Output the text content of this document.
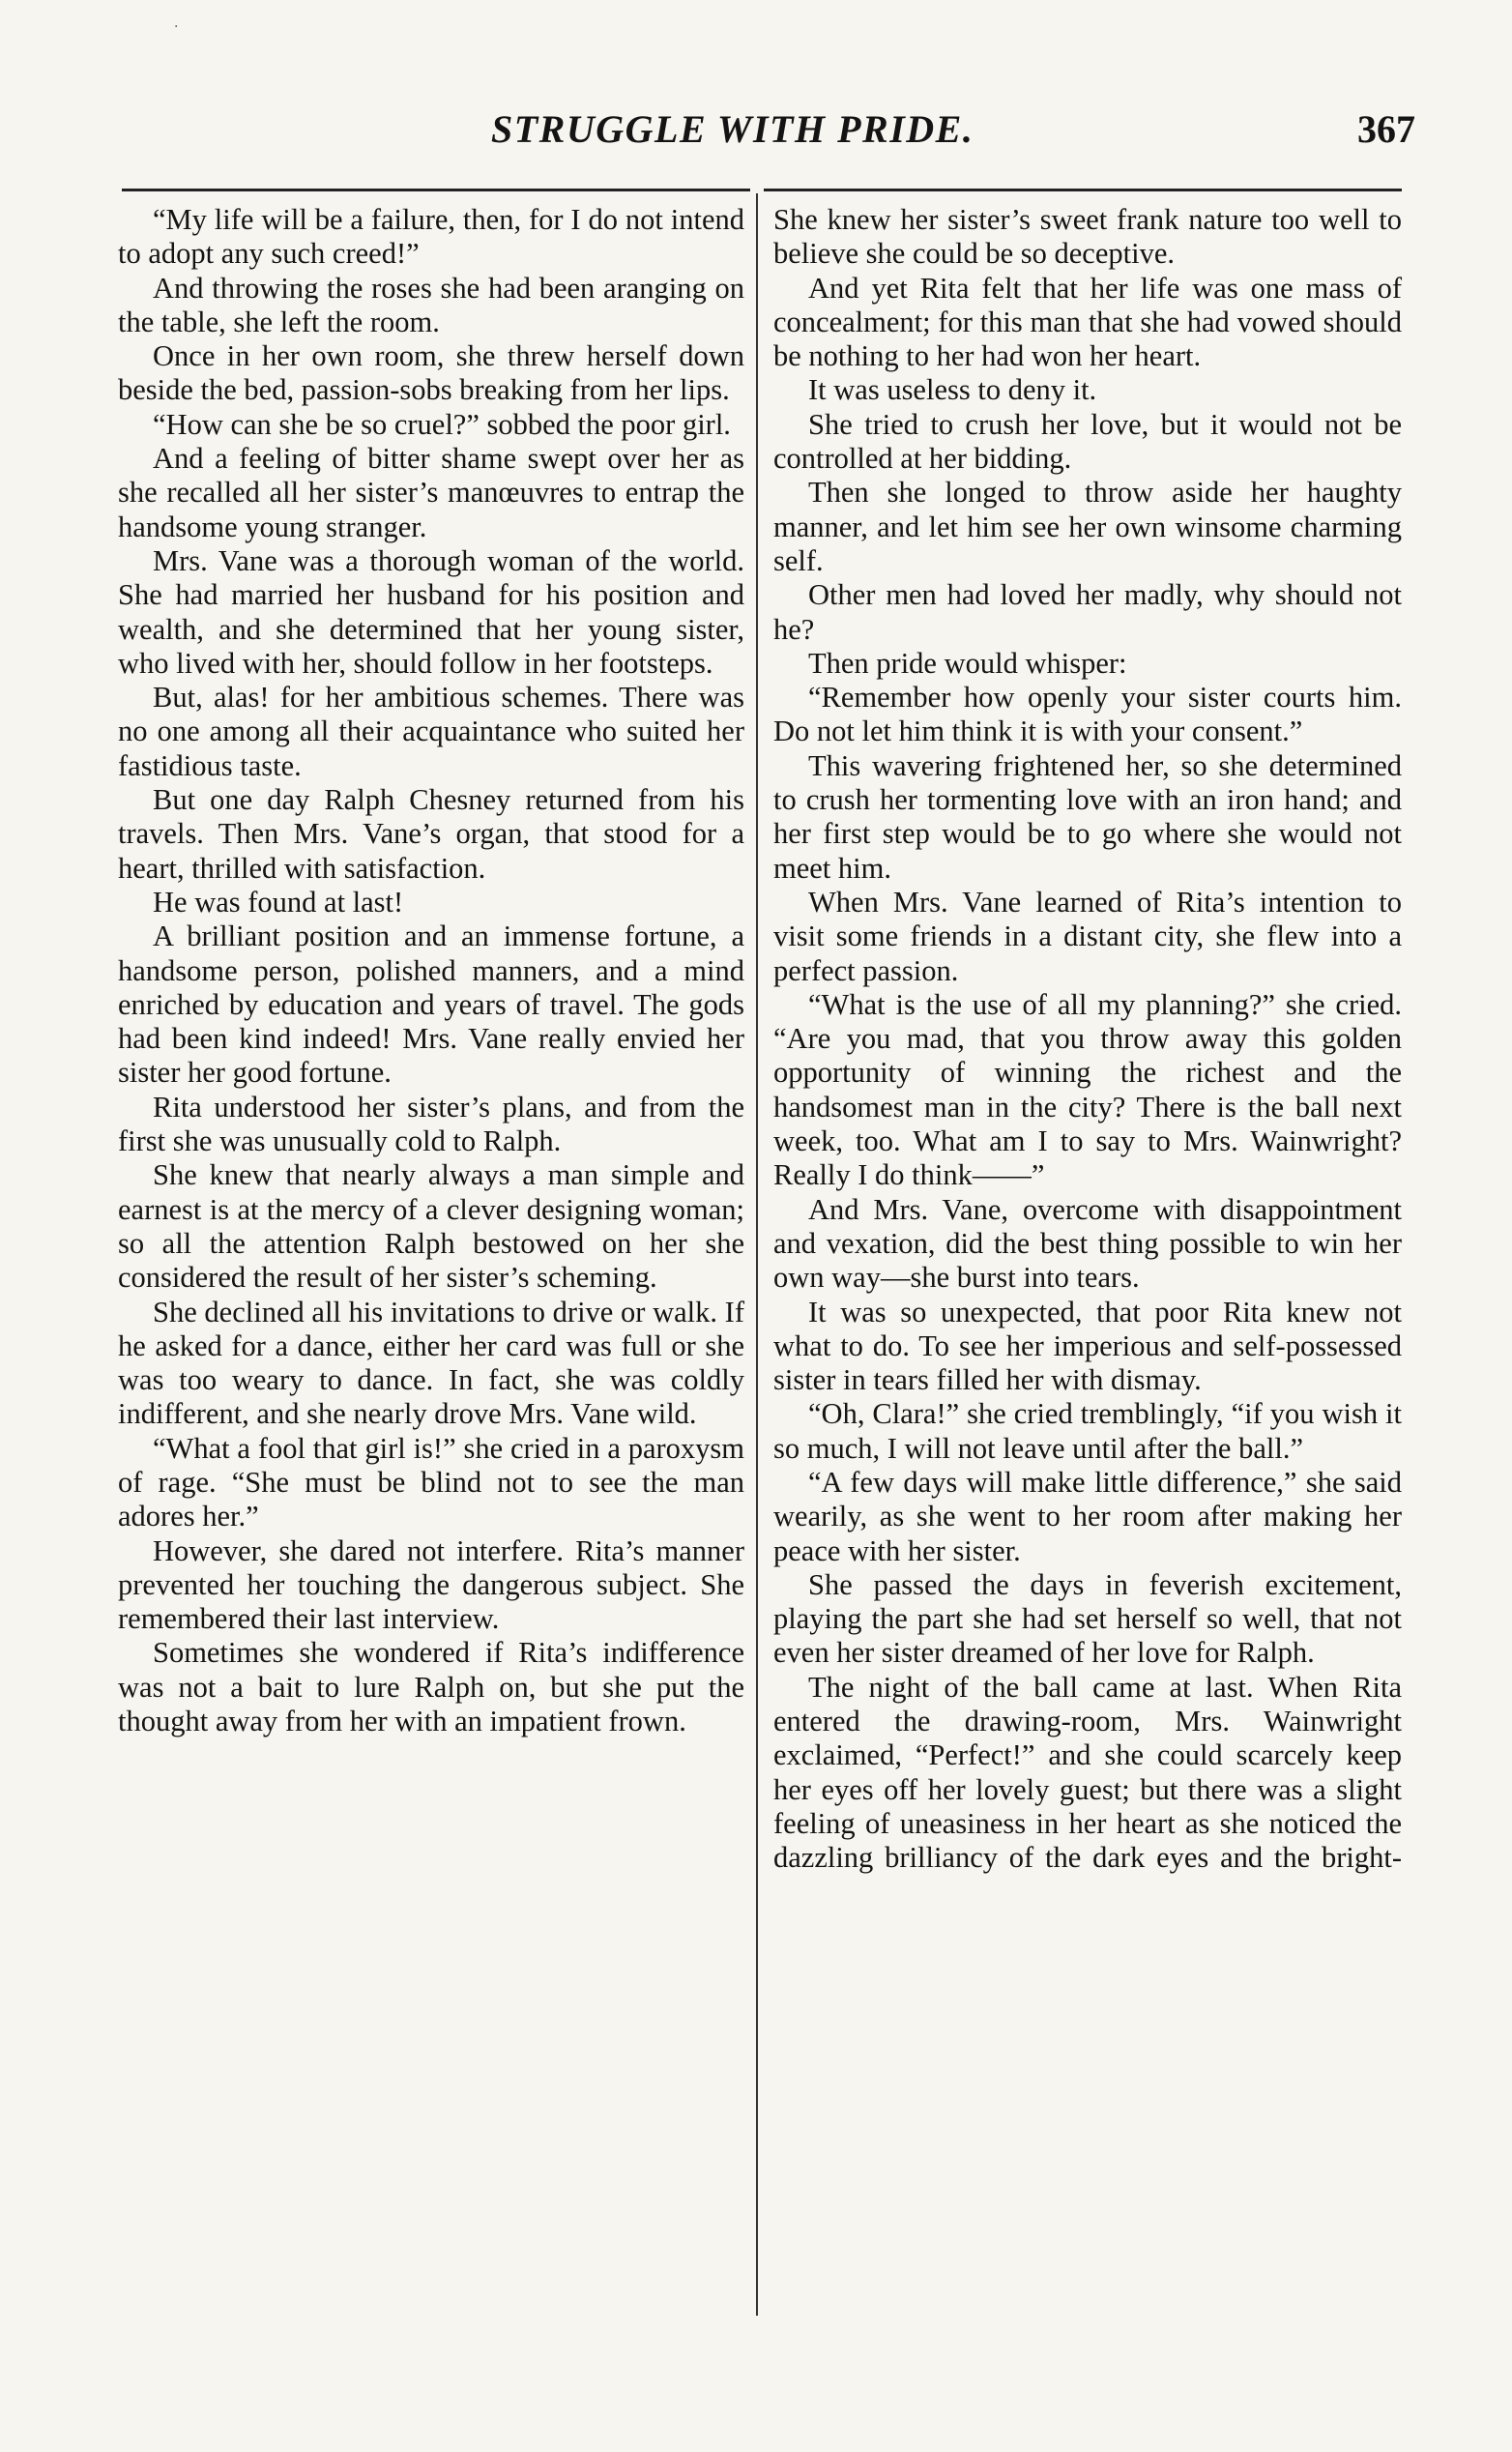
·
STRUGGLE WITH PRIDE.	367

“My life will be a failure, then, for I do not intend to adopt any such creed!”

And throwing the roses she had been aranging on the table, she left the room.

Once in her own room, she threw herself down beside the bed, passion-sobs breaking from her lips.

“How can she be so cruel?” sobbed the poor girl.

And a feeling of bitter shame swept over her as she recalled all her sister’s manœuvres to entrap the handsome young stranger.

Mrs. Vane was a thorough woman of the world. She had married her husband for his position and wealth, and she determined that her young sister, who lived with her, should follow in her footsteps.

But, alas! for her ambitious schemes. There was no one among all their acquaintance who suited her fastidious taste.

But one day Ralph Chesney returned from his travels. Then Mrs. Vane’s organ, that stood for a heart, thrilled with satisfaction.

He was found at last!

A brilliant position and an immense fortune, a handsome person, polished manners, and a mind enriched by education and years of travel. The gods had been kind indeed! Mrs. Vane really envied her sister her good fortune.

Rita understood her sister’s plans, and from the first she was unusually cold to Ralph.

She knew that nearly always a man simple and earnest is at the mercy of a clever designing woman; so all the attention Ralph bestowed on her she considered the result of her sister’s scheming.

She declined all his invitations to drive or walk. If he asked for a dance, either her card was full or she was too weary to dance. In fact, she was coldly indifferent, and she nearly drove Mrs. Vane wild.

“What a fool that girl is!” she cried in a paroxysm of rage. “She must be blind not to see the man adores her.”

However, she dared not interfere. Rita’s manner prevented her touching the dangerous subject. She remembered their last interview.

Sometimes she wondered if Rita’s indifference was not a bait to lure Ralph on, but she put the thought away from her with an impatient frown.

She knew her sister’s sweet frank nature too well to believe she could be so deceptive.

And yet Rita felt that her life was one mass of concealment; for this man that she had vowed should be nothing to her had won her heart.

It was useless to deny it.

She tried to crush her love, but it would not be controlled at her bidding.

Then she longed to throw aside her haughty manner, and let him see her own winsome charming self.

Other men had loved her madly, why should not he?

Then pride would whisper:

“Remember how openly your sister courts him. Do not let him think it is with your consent.”

This wavering frightened her, so she determined to crush her tormenting love with an iron hand; and her first step would be to go where she would not meet him.

When Mrs. Vane learned of Rita’s intention to visit some friends in a distant city, she flew into a perfect passion.

“What is the use of all my planning?” she cried. “Are you mad, that you throw away this golden opportunity of winning the richest and the handsomest man in the city? There is the ball next week, too. What am I to say to Mrs. Wainwright? Really I do think——”

And Mrs. Vane, overcome with disappointment and vexation, did the best thing possible to win her own way—she burst into tears.

It was so unexpected, that poor Rita knew not what to do. To see her imperious and self-possessed sister in tears filled her with dismay.

“Oh, Clara!” she cried tremblingly, “if you wish it so much, I will not leave until after the ball.”

“A few days will make little difference,” she said wearily, as she went to her room after making her peace with her sister.

She passed the days in feverish excitement, playing the part she had set herself so well, that not even her sister dreamed of her love for Ralph.

The night of the ball came at last. When Rita entered the drawing-room, Mrs. Wainwright exclaimed, “Perfect!” and she could scarcely keep her eyes off her lovely guest; but there was a slight feeling of uneasiness in her heart as she noticed the dazzling brilliancy of the dark eyes and the bright-
